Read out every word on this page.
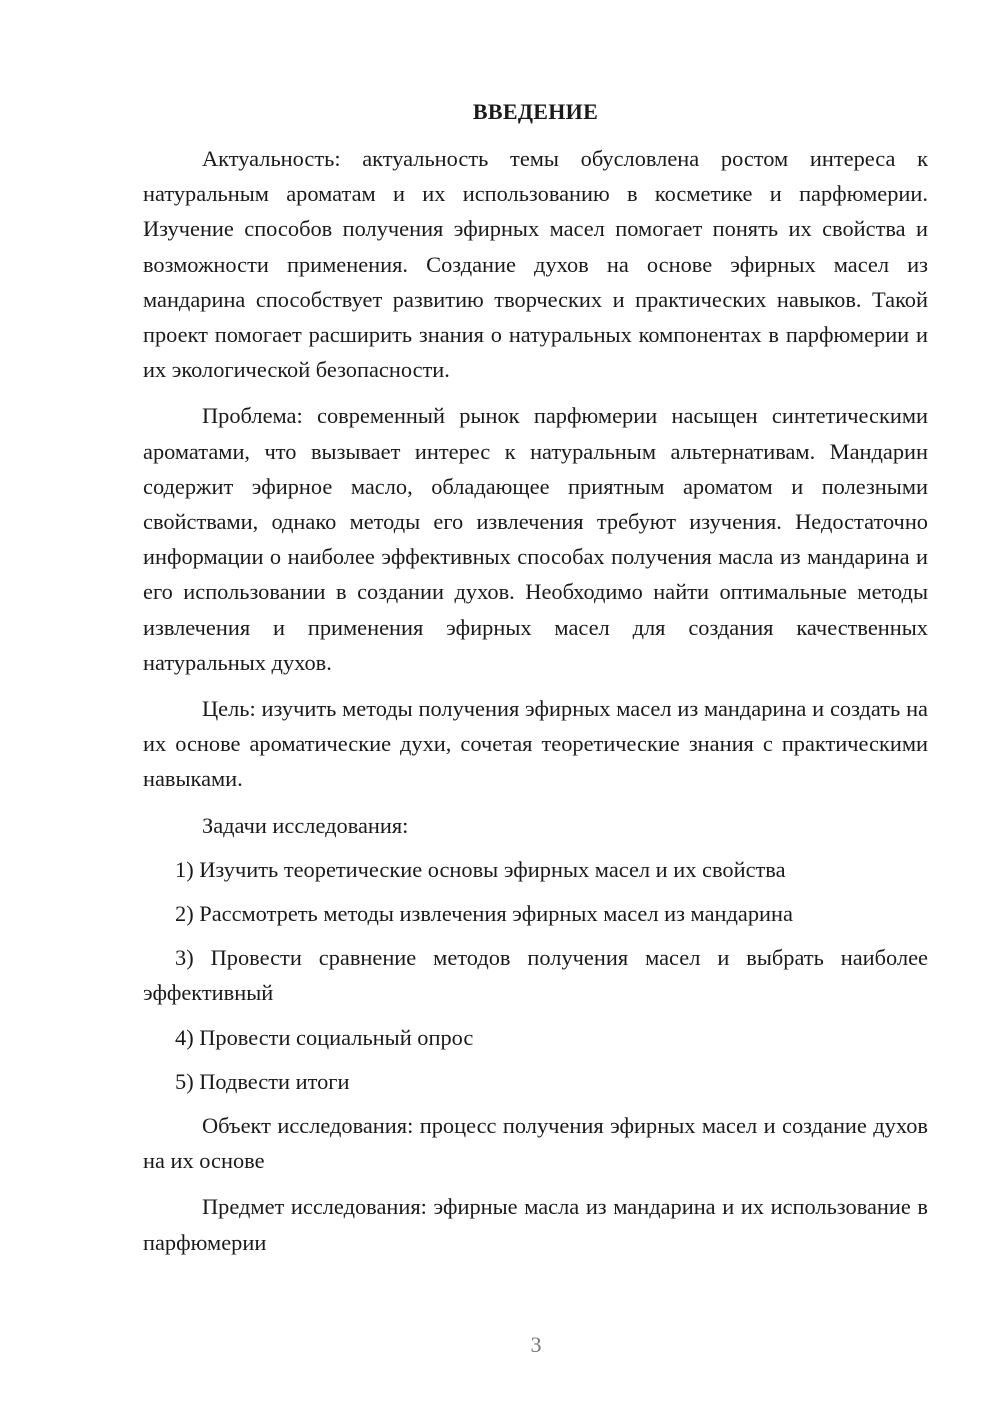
ВВЕДЕНИЕ

Актуальность: актуальность темы обусловлена ростом интереса к натуральным ароматам и их использованию в косметике и парфюмерии. Изучение способов получения эфирных масел помогает понять их свойства и возможности применения. Создание духов на основе эфирных масел из мандарина способствует развитию творческих и практических навыков. Такой проект помогает расширить знания о натуральных компонентах в парфюмерии и их экологической безопасности.

Проблема: современный рынок парфюмерии насыщен синтетическими ароматами, что вызывает интерес к натуральным альтернативам. Мандарин содержит эфирное масло, обладающее приятным ароматом и полезными свойствами, однако методы его извлечения требуют изучения. Недостаточно информации о наиболее эффективных способах получения масла из мандарина и его использовании в создании духов. Необходимо найти оптимальные методы извлечения и применения эфирных масел для создания качественных натуральных духов.

Цель: изучить методы получения эфирных масел из мандарина и создать на их основе ароматические духи, сочетая теоретические знания с практическими навыками.

Задачи исследования:

1) Изучить теоретические основы эфирных масел и их свойства

2) Рассмотреть методы извлечения эфирных масел из мандарина

3) Провести сравнение методов получения масел и выбрать наиболее эффективный

4) Провести социальный опрос

5) Подвести итоги

Объект исследования: процесс получения эфирных масел и создание духов на их основе

Предмет исследования: эфирные масла из мандарина и их использование в парфюмерии

3
